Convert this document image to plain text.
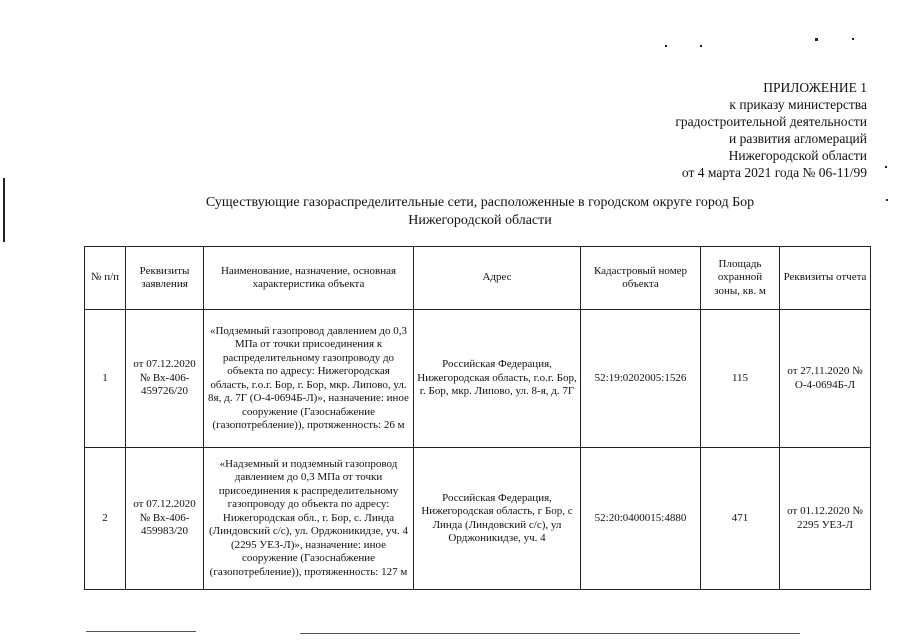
ПРИЛОЖЕНИЕ 1
к приказу министерства
градостроительной деятельности
и развития агломераций
Нижегородской области
от 4 марта 2021 года № 06-11/99
Существующие газораспределительные сети, расположенные в городском округе город Бор
Нижегородской области
№ п/п	Реквизиты заявления	Наименование, назначение, основная характеристика объекта	Адрес	Кадастровый номер объекта	Площадь охранной зоны, кв. м	Реквизиты отчета
1	от 07.12.2020 № Вх-406-459726/20	«Подземный газопровод давлением до 0,3 МПа от точки присоединения к распределительному газопроводу до объекта по адресу: Нижегородская область, г.о.г. Бор, г. Бор, мкр. Липово, ул. 8я, д. 7Г (О-4-0694Б-Л)», назначение: иное сооружение (Газоснабжение (газопотребление)), протяженность: 26 м	Российская Федерация, Нижегородская область, г.о.г. Бор, г. Бор, мкр. Липово, ул. 8-я, д. 7Г	52:19:0202005:1526	115	от 27.11.2020 № О-4-0694Б-Л
2	от 07.12.2020 № Вх-406-459983/20	«Надземный и подземный газопровод давлением до 0,3 МПа от точки присоединения к распределительному газопроводу до объекта по адресу: Нижегородская обл., г. Бор, с. Линда (Линдовский с/с), ул. Орджоникидзе, уч. 4 (2295 УЕЗ-Л)», назначение: иное сооружение (Газоснабжение (газопотребление)), протяженность: 127 м	Российская Федерация, Нижегородская область, г Бор, с Линда (Линдовский с/с), ул Орджоникидзе, уч. 4	52:20:0400015:4880	471	от 01.12.2020 № 2295 УЕЗ-Л
